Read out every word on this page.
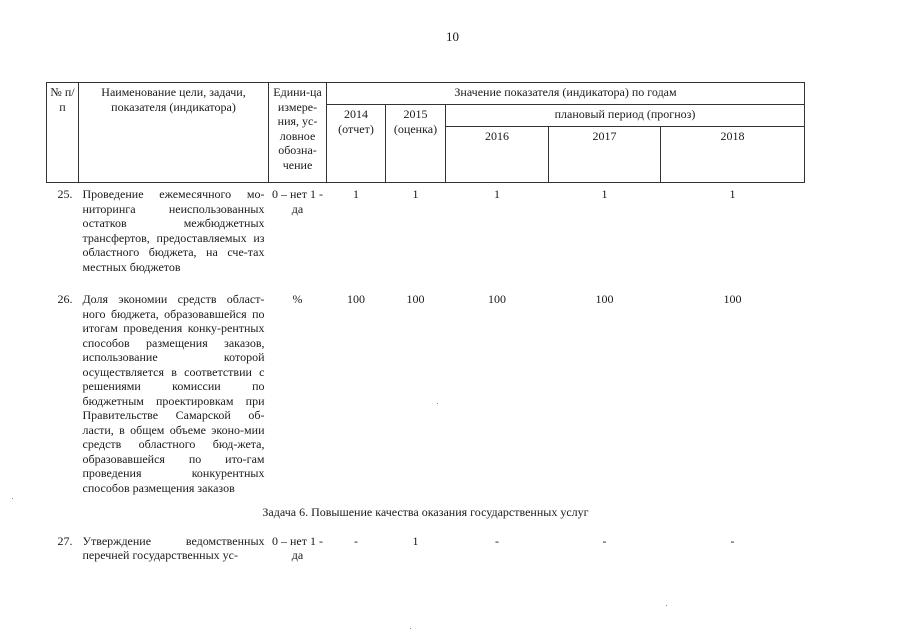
10
№ п/п	Наименование цели, задачи, показателя (индикатора)	Едини-ца измере-ния, ус-ловное обозна-чение	Значение показателя (индикатора) по годам				
			2014 (отчет)	2015 (оценка)	плановый период (прогноз)		
					2016	2017	2018
25.	Проведение ежемесячного мо-ниторинга неиспользованных остатков межбюджетных трансфертов, предоставляемых из областного бюджета, на сче-тах местных бюджетов	0 – нет 1 - да	1	1	1	1	1
26.	Доля экономии средств област-ного бюджета, образовавшейся по итогам проведения конку-рентных способов размещения заказов, использование которой осуществляется в соответствии с решениями комиссии по бюджетным проектировкам при Правительстве Самарской об-ласти, в общем объеме эконо-мии средств областного бюд-жета, образовавшейся по ито-гам проведения конкурентных способов размещения заказов	%	100	100	100	100	100
Задача 6. Повышение качества оказания государственных услуг							
27.	Утверждение ведомственных перечней государственных ус-	0 – нет 1 - да	-	1	-	-	-
